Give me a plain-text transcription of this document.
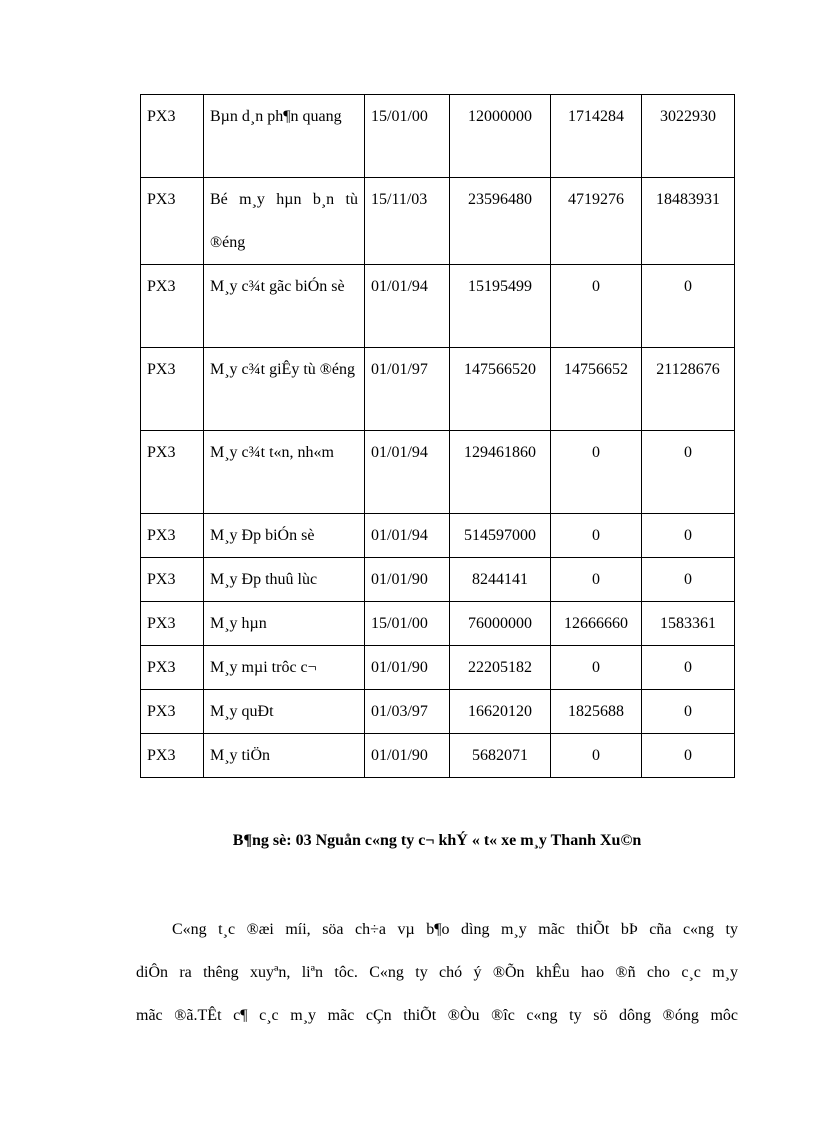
PX3	Bµn d¸n ph¶n quang	15/01/00	12000000	1714284	3022930
PX3	Bé m¸y hµn b¸n tù ®éng	15/11/03	23596480	4719276	18483931
PX3	M¸y c¾t gãc biÓn sè	01/01/94	15195499	0	0
PX3	M¸y c¾t giÊy tù ®éng	01/01/97	147566520	14756652	21128676
PX3	M¸y c¾t t«n, nh«m	01/01/94	129461860	0	0
PX3	M¸y Ðp biÓn sè	01/01/94	514597000	0	0
PX3	M¸y Ðp thuû lùc	01/01/90	8244141	0	0
PX3	M¸y hµn	15/01/00	76000000	12666660	1583361
PX3	M¸y mµi trôc c¬	01/01/90	22205182	0	0
PX3	M¸y quÐt	01/03/97	16620120	1825688	0
PX3	M¸y tiÖn	01/01/90	5682071	0	0
B¶ng sè: 03 Nguån c«ng ty c¬ khÝ « t« xe m¸y Thanh Xu©n

C«ng t¸c ®æi míi, söa ch÷a vµ b¶o dìng m¸y mãc thiÕt bÞ cña c«ng ty
diÔn ra thêng xuyªn, liªn tôc. C«ng ty chó ý ®Õn khÊu hao ®ñ cho c¸c m¸y
mãc ®ã.TÊt c¶ c¸c m¸y mãc cÇn thiÕt ®Òu ®îc c«ng ty sö dông ®óng môc
